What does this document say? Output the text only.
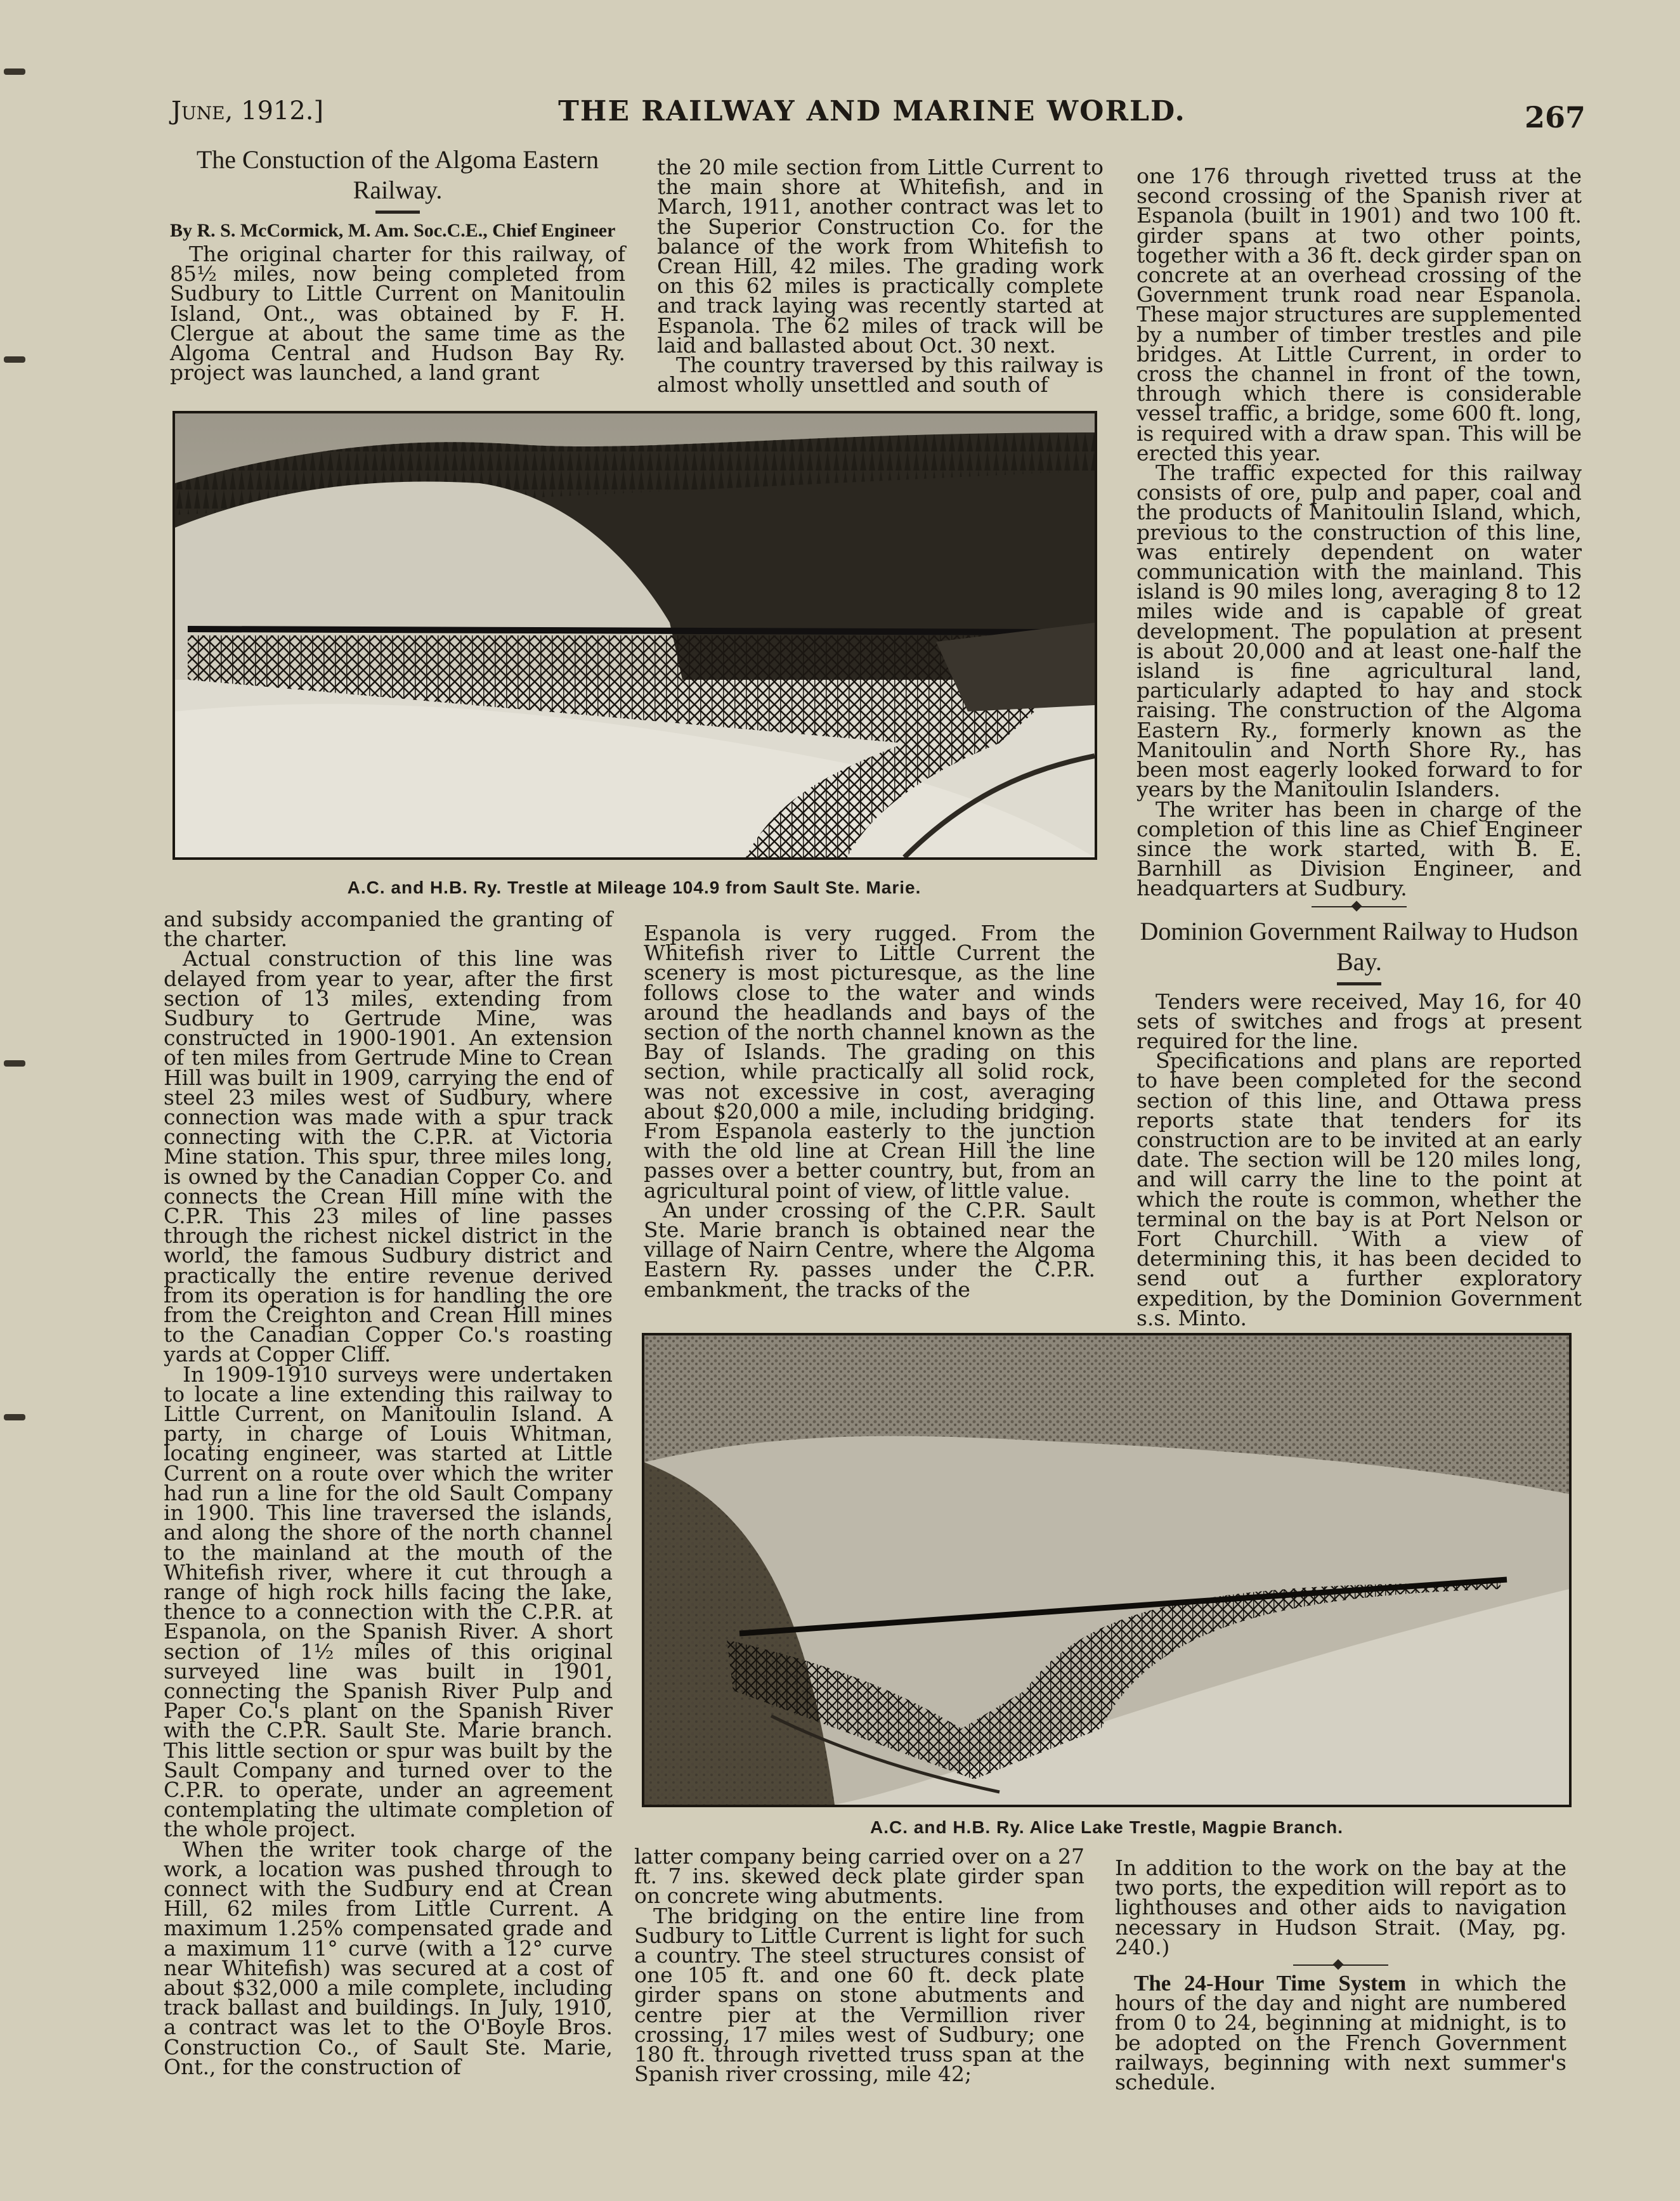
June, 1912.]	THE RAILWAY AND MARINE WORLD.	267
The Constuction of the Algoma Eastern Railway.
By R. S. McCormick, M. Am. Soc.C.E., Chief Engineer

The original charter for this railway, of 85½ miles, now being completed from Sudbury to Little Current on Manitoulin Island, Ont., was obtained by F. H. Clergue at about the same time as the Algoma Central and Hudson Bay Ry. project was launched, a land grant

the 20 mile section from Little Current to the main shore at Whitefish, and in March, 1911, another contract was let to the Superior Construction Co. for the balance of the work from Whitefish to Crean Hill, 42 miles. The grading work on this 62 miles is practically complete and track laying was recently started at Espanola. The 62 miles of track will be laid and ballasted about Oct. 30 next.

The country traversed by this railway is almost wholly unsettled and south of

one 176 through rivetted truss at the second crossing of the Spanish river at Espanola (built in 1901) and two 100 ft. girder spans at two other points, together with a 36 ft. deck girder span on concrete at an overhead crossing of the Government trunk road near Espanola. These major structures are supplemented by a number of timber trestles and pile bridges. At Little Current, in order to cross the channel in front of the town, through which there is considerable vessel traffic, a bridge, some 600 ft. long, is required with a draw span. This will be erected this year.

The traffic expected for this railway consists of ore, pulp and paper, coal and the products of Manitoulin Island, which, previous to the construction of this line, was entirely dependent on water communication with the mainland. This island is 90 miles long, averaging 8 to 12 miles wide and is capable of great development. The population at present is about 20,000 and at least one-half the island is fine agricultural land, particularly adapted to hay and stock raising. The construction of the Algoma Eastern Ry., formerly known as the Manitoulin and North Shore Ry., has been most eagerly looked forward to for years by the Manitoulin Islanders.

The writer has been in charge of the completion of this line as Chief Engineer since the work started, with B. E. Barnhill as Division Engineer, and headquarters at Sudbury.

Dominion Government Railway to Hudson Bay.

Tenders were received, May 16, for 40 sets of switches and frogs at present required for the line.

Specifications and plans are reported to have been completed for the second section of this line, and Ottawa press reports state that tenders for its construction are to be invited at an early date. The section will be 120 miles long, and will carry the line to the point at which the route is common, whether the terminal on the bay is at Port Nelson or Fort Churchill. With a view of determining this, it has been decided to send out a further exploratory expedition, by the Dominion Government s.s. Minto.

A.C. and H.B. Ry. Trestle at Mileage 104.9 from Sault Ste. Marie.

and subsidy accompanied the granting of the charter.

Actual construction of this line was delayed from year to year, after the first section of 13 miles, extending from Sudbury to Gertrude Mine, was constructed in 1900-1901. An extension of ten miles from Gertrude Mine to Crean Hill was built in 1909, carrying the end of steel 23 miles west of Sudbury, where connection was made with a spur track connecting with the C.P.R. at Victoria Mine station. This spur, three miles long, is owned by the Canadian Copper Co. and connects the Crean Hill mine with the C.P.R. This 23 miles of line passes through the richest nickel district in the world, the famous Sudbury district and practically the entire revenue derived from its operation is for handling the ore from the Creighton and Crean Hill mines to the Canadian Copper Co.'s roasting yards at Copper Cliff.

In 1909-1910 surveys were undertaken to locate a line extending this railway to Little Current, on Manitoulin Island. A party, in charge of Louis Whitman, locating engineer, was started at Little Current on a route over which the writer had run a line for the old Sault Company in 1900. This line traversed the islands, and along the shore of the north channel to the mainland at the mouth of the Whitefish river, where it cut through a range of high rock hills facing the lake, thence to a connection with the C.P.R. at Espanola, on the Spanish River. A short section of 1½ miles of this original surveyed line was built in 1901, connecting the Spanish River Pulp and Paper Co.'s plant on the Spanish River with the C.P.R. Sault Ste. Marie branch. This little section or spur was built by the Sault Company and turned over to the C.P.R. to operate, under an agreement contemplating the ultimate completion of the whole project.

When the writer took charge of the work, a location was pushed through to connect with the Sudbury end at Crean Hill, 62 miles from Little Current. A maximum 1.25% compensated grade and a maximum 11° curve (with a 12° curve near Whitefish) was secured at a cost of about $32,000 a mile complete, including track ballast and buildings. In July, 1910, a contract was let to the O'Boyle Bros. Construction Co., of Sault Ste. Marie, Ont., for the construction of

Espanola is very rugged. From the Whitefish river to Little Current the scenery is most picturesque, as the line follows close to the water and winds around the headlands and bays of the section of the north channel known as the Bay of Islands. The grading on this section, while practically all solid rock, was not excessive in cost, averaging about $20,000 a mile, including bridging. From Espanola easterly to the junction with the old line at Crean Hill the line passes over a better country, but, from an agricultural point of view, of little value.

An under crossing of the C.P.R. Sault Ste. Marie branch is obtained near the village of Nairn Centre, where the Algoma Eastern Ry. passes under the C.P.R. embankment, the tracks of the

A.C. and H.B. Ry. Alice Lake Trestle, Magpie Branch.

latter company being carried over on a 27 ft. 7 ins. skewed deck plate girder span on concrete wing abutments.

The bridging on the entire line from Sudbury to Little Current is light for such a country. The steel structures consist of one 105 ft. and one 60 ft. deck plate girder spans on stone abutments and centre pier at the Vermillion river crossing, 17 miles west of Sudbury; one 180 ft. through rivetted truss span at the Spanish river crossing, mile 42;

In addition to the work on the bay at the two ports, the expedition will report as to lighthouses and other aids to navigation necessary in Hudson Strait. (May, pg. 240.)

The 24-Hour Time System in which the hours of the day and night are numbered from 0 to 24, beginning at midnight, is to be adopted on the French Government railways, beginning with next summer's schedule.
